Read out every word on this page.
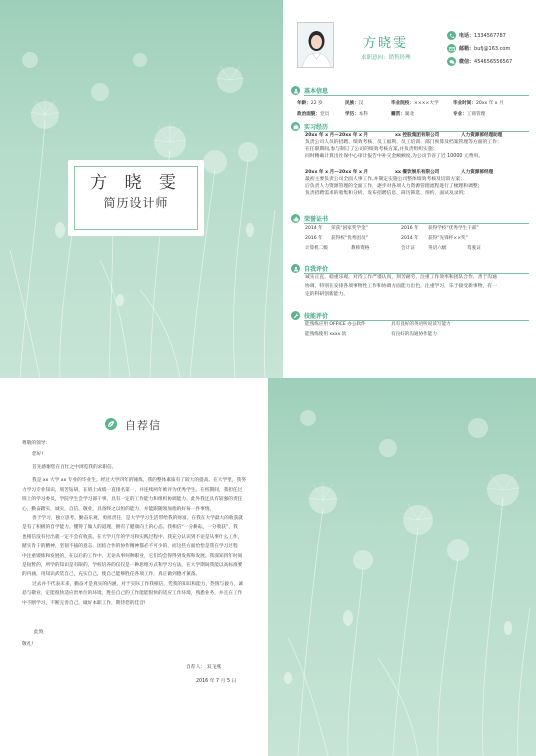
方 晓 雯
简历设计师
方晓雯
求职意向：销售经理
电话：1334567787
邮箱：bufj@163.com
微信：454656556567
基本信息
年龄：22 岁	民族：汉	毕业院校：××××大学	毕业时间：20xx 年 x 月
政治面貌：党员	学历：本科	籍贯：湖北	专业：工商管理
实习经历
20xx 年 x 月—20xx 年 x 月	xx 控股集团有限公司	人力资源部经理助理
负责公司人员的招聘、绩效考核、员工福利、员工培训、部门预算及档案管理等方面的工作；
在任职期间,参与制订了公司的绩效考核方案,并负责组织实施；
同时精确计算出社保中心审计报告中补交金额额度,为公司节省了近 10000 元费用。
20xx 年 x 月—20xx 年 x 月	xx 餐饮娱乐有限公司	人力资源部经理
最初主要负责公司全面人事工作,并制定实施公司整体绩效考核及培训方案；
后负责人力资源管理的全面工作，逐步对各项人力资源管理流程进行了梳理和调整;
负责招聘需求的收集和分析、发布招聘信息、简历筛选、预约、面试及录用;
荣誉证书
2014 年 荣获“国家奖学金”	2016 年 获得学校“优秀学生干部”
2016 年 获得校“优秀团员”	2014 年 获得“先锋杯××奖”
计算机二级	教师资格	会计证	英语六级	驾驶证
自我评价
诚实正直，稳重乐观，对待工作严谨认真，刻苦耐劳，注重工作效率和团队合作，善于沟通
协调，特别在安排各项事物性工作和协调方面能力出色，注重学习，乐于接受新事物，有一
定的科研创新能力。
技能评价
能熟练应用 OFFICE 办公软件	具有良好的英语听说读写能力
能熟练使用 xxxx 软	有良好的沟通协作能力
自荐信
尊敬的领导：
您好!
首先感谢您在百忙之中浏览我的求职信。
我是 xx 大学 xx 专业的毕业生。经过大学四年的锤炼，我的整体素质有了较大的提高。在大学里，我努
力学习专业知识，刻苦钻研，在班上成绩一直排名第一，并连续两年被评为优秀学生。在校期间，我担任过
班上的学习委员，学院学生会学习部干事，具有一定的工作能力和组织协调能力。此外我还具有较强的责任
心，勤奋踏实，诚实，自信，敬业，具备终之以恒的能力，并能跟随领加他的好每一件事情。
善于学习，独立思考，勤奋乐观，勇担责任，是大学学习生活带给我的财富。在我在大学最大的收获就
是有了积极的自学能力。懂得了做人的道理，拥有了健康向上的心态。我相信“一分耕耘，一分收获”，我
也相信没有付出就一定不会有收获。在大学几年的学习和实践过程中，我充分认识到不论是从事什么工作，
踏实肯干的精神，坚韧不拔的意志，团结合作的协作精神都必不可少的，而这些方面恰恰是我在学习过程
中注重锻炼和发展的，在以后的工作中，无论从事何种职业，它们均会得得到发挥和发展。我深知四年时间
是短暂的，所学的知识是有限的，学校培养的仅仅是一种思维方式和学习方法，在大学期间我能以高标准要
的内涵，用知识武装自己，充实自己，使自己能够胜任各项工作，真正做到德才兼备。
过去并不代表未来，勤奋才是真实的内涵，对于实际工作我相信，凭我的知识和能力，热情与毅力，诚
恳与敬业，定能很快适应贵单位的环境，胜任自己的工作能能很快的适应工作环境，熟悉业务，并且在工作
中不断学习，不断完善自己，做好本职工作，期待您的佳音!
此致
敬礼!
自荐人： 双飞燕
2016 年 7 月 5 日
